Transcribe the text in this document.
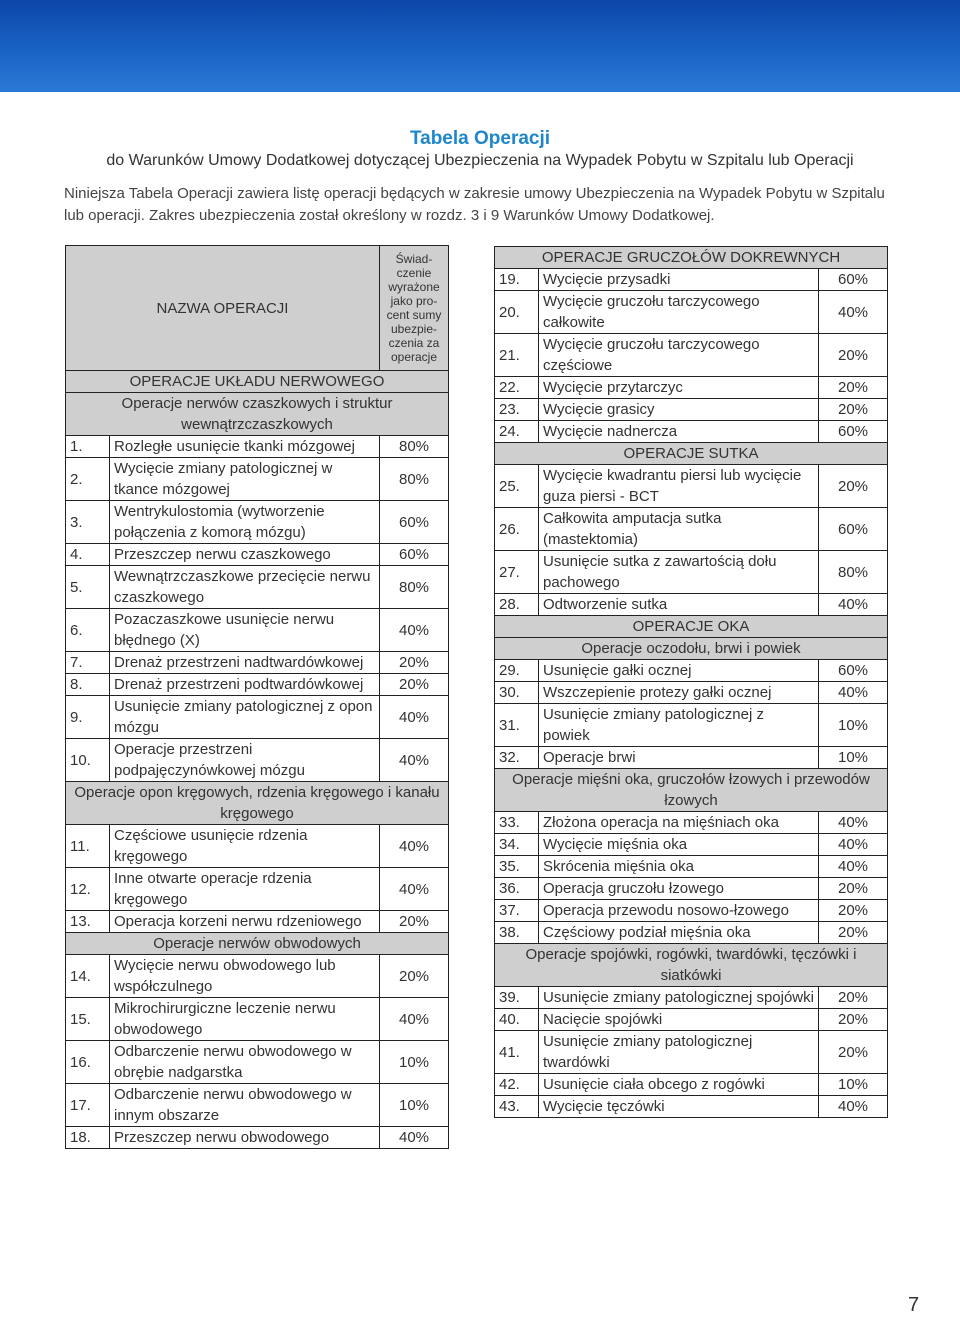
Tabela Operacji
do Warunków Umowy Dodatkowej dotyczącej Ubezpieczenia na Wypadek Pobytu w Szpitalu lub Operacji
Niniejsza Tabela Operacji zawiera listę operacji będących w zakresie umowy Ubezpieczenia na Wypadek Pobytu w Szpitalu lub operacji. Zakres ubezpieczenia został określony w rozdz. 3 i 9 Warunków Umowy Dodatkowej.
NAZWA OPERACJI		Świadczenie wyrażone jako procent sumy ubezpieczenia za operacje
OPERACJE UKŁADU NERWOWEGO		
Operacje nerwów czaszkowych i struktur wewnątrzczaszkowych		
1.	Rozległe usunięcie tkanki mózgowej	80%
2.	Wycięcie zmiany patologicznej w tkance mózgowej	80%
3.	Wentrykulostomia (wytworzenie połączenia z komorą mózgu)	60%
4.	Przeszczep nerwu czaszkowego	60%
5.	Wewnątrzczaszkowe przecięcie nerwu czaszkowego	80%
6.	Pozaczaszkowe usunięcie nerwu błędnego (X)	40%
7.	Drenaż przestrzeni nadtwardówkowej	20%
8.	Drenaż przestrzeni podtwardówkowej	20%
9.	Usunięcie zmiany patologicznej z opon mózgu	40%
10.	Operacje przestrzeni podpajęczynówkowej mózgu	40%
Operacje opon kręgowych, rdzenia kręgowego i kanału kręgowego		
11.	Częściowe usunięcie rdzenia kręgowego	40%
12.	Inne otwarte operacje rdzenia kręgowego	40%
13.	Operacja korzeni nerwu rdzeniowego	20%
Operacje nerwów obwodowych		
14.	Wycięcie nerwu obwodowego lub współczulnego	20%
15.	Mikrochirurgiczne leczenie nerwu obwodowego	40%
16.	Odbarczenie nerwu obwodowego w obrębie nadgarstka	10%
17.	Odbarczenie nerwu obwodowego w innym obszarze	10%
18.	Przeszczep nerwu obwodowego	40%
OPERACJE GRUCZOŁÓW DOKREWNYCH		
19.	Wycięcie przysadki	60%
20.	Wycięcie gruczołu tarczycowego całkowite	40%
21.	Wycięcie gruczołu tarczycowego częściowe	20%
22.	Wycięcie przytarczyc	20%
23.	Wycięcie grasicy	20%
24.	Wycięcie nadnercza	60%
OPERACJE SUTKA		
25.	Wycięcie kwadrantu piersi lub wycięcie guza piersi - BCT	20%
26.	Całkowita amputacja sutka (mastektomia)	60%
27.	Usunięcie sutka z zawartością dołu pachowego	80%
28.	Odtworzenie sutka	40%
OPERACJE OKA		
Operacje oczodołu, brwi i powiek		
29.	Usunięcie gałki ocznej	60%
30.	Wszczepienie protezy gałki ocznej	40%
31.	Usunięcie zmiany patologicznej z powiek	10%
32.	Operacje brwi	10%
Operacje mięśni oka, gruczołów łzowych i przewodów łzowych		
33.	Złożona operacja na mięśniach oka	40%
34.	Wycięcie mięśnia oka	40%
35.	Skrócenia mięśnia oka	40%
36.	Operacja gruczołu łzowego	20%
37.	Operacja przewodu nosowo-łzowego	20%
38.	Częściowy podział mięśnia oka	20%
Operacje spojówki, rogówki, twardówki, tęczówki i siatkówki		
39.	Usunięcie zmiany patologicznej spojówki	20%
40.	Nacięcie spojówki	20%
41.	Usunięcie zmiany patologicznej twardówki	20%
42.	Usunięcie ciała obcego z rogówki	10%
43.	Wycięcie tęczówki	40%
7
